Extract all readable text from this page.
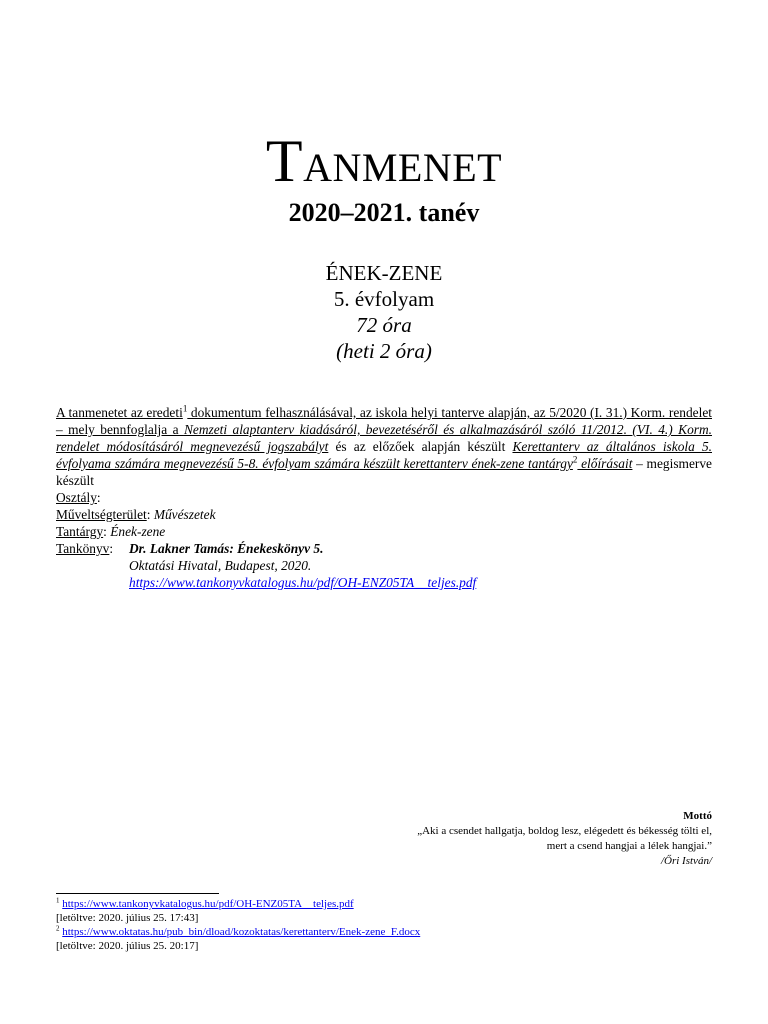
TANMENET
2020–2021. tanév
ÉNEK-ZENE
5. évfolyam
72 óra
(heti 2 óra)
A tanmenetet az eredeti$^1$ dokumentum felhasználásával, az iskola helyi tanterve alapján, az 5/2020 (I. 31.) Korm. rendelet – mely bennfoglalja a Nemzeti alaptanterv kiadásáról, bevezetéséről és alkalmazásáról szóló 11/2012. (VI. 4.) Korm. rendelet módosításáról megnevezésű jogszabályt és az előzőek alapján készült Kerettanterv az általános iskola 5. évfolyama számára megnevezésű 5-8. évfolyam számára készült kerettanterv ének-zene tantárgy$^2$ előírásait – megismerve készült
Osztály:
Műveltségterület: Művészetek
Tantárgy: Ének-zene
Tankönyv:	Dr. Lakner Tamás: Énekeskönyv 5.
Oktatási Hivatal, Budapest, 2020.
https://www.tankonyvkatalogus.hu/pdf/OH-ENZ05TA__teljes.pdf
Mottó
„Aki a csendet hallgatja, boldog lesz, elégedett és békesség tölti el,
mert a csend hangjai a lélek hangjai.”
/Őri István/
$^1$ https://www.tankonyvkatalogus.hu/pdf/OH-ENZ05TA__teljes.pdf
[letöltve: 2020. július 25. 17:43]
$^2$ https://www.oktatas.hu/pub_bin/dload/kozoktatas/kerettanterv/Enek-zene_F.docx
[letöltve: 2020. július 25. 20:17]
